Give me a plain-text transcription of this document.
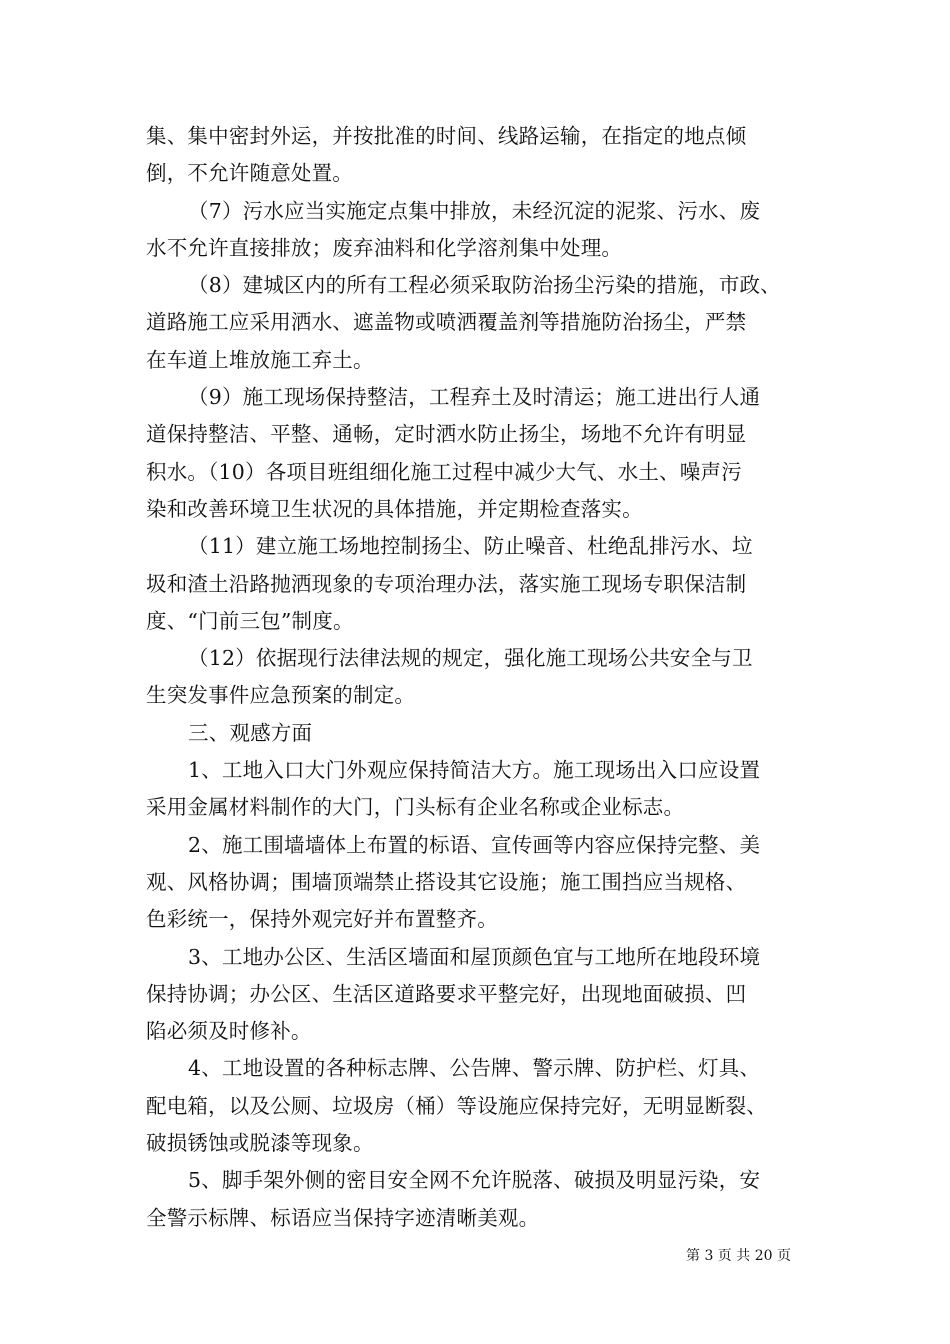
集、集中密封外运，并按批准的时间、线路运输，在指定的地点倾
倒，不允许随意处置。
（7）污水应当实施定点集中排放，未经沉淀的泥浆、污水、废
水不允许直接排放；废弃油料和化学溶剂集中处理。
（8）建城区内的所有工程必须采取防治扬尘污染的措施，市政、
道路施工应采用洒水、遮盖物或喷洒覆盖剂等措施防治扬尘，严禁
在车道上堆放施工弃土。
（9）施工现场保持整洁，工程弃土及时清运；施工进出行人通
道保持整洁、平整、通畅，定时洒水防止扬尘，场地不允许有明显
积水。（10）各项目班组细化施工过程中减少大气、水土、噪声污
染和改善环境卫生状况的具体措施，并定期检查落实。
（11）建立施工场地控制扬尘、防止噪音、杜绝乱排污水、垃
圾和渣土沿路抛洒现象的专项治理办法，落实施工现场专职保洁制
度、“门前三包”制度。
（12）依据现行法律法规的规定，强化施工现场公共安全与卫
生突发事件应急预案的制定。
三、观感方面
1、工地入口大门外观应保持简洁大方。施工现场出入口应设置
采用金属材料制作的大门，门头标有企业名称或企业标志。
2、施工围墙墙体上布置的标语、宣传画等内容应保持完整、美
观、风格协调；围墙顶端禁止搭设其它设施；施工围挡应当规格、
色彩统一，保持外观完好并布置整齐。
3、工地办公区、生活区墙面和屋顶颜色宜与工地所在地段环境
保持协调；办公区、生活区道路要求平整完好，出现地面破损、凹
陷必须及时修补。
4、工地设置的各种标志牌、公告牌、警示牌、防护栏、灯具、
配电箱，以及公厕、垃圾房（桶）等设施应保持完好，无明显断裂、
破损锈蚀或脱漆等现象。
5、脚手架外侧的密目安全网不允许脱落、破损及明显污染，安
全警示标牌、标语应当保持字迹清晰美观。
第 3 页 共 20 页
